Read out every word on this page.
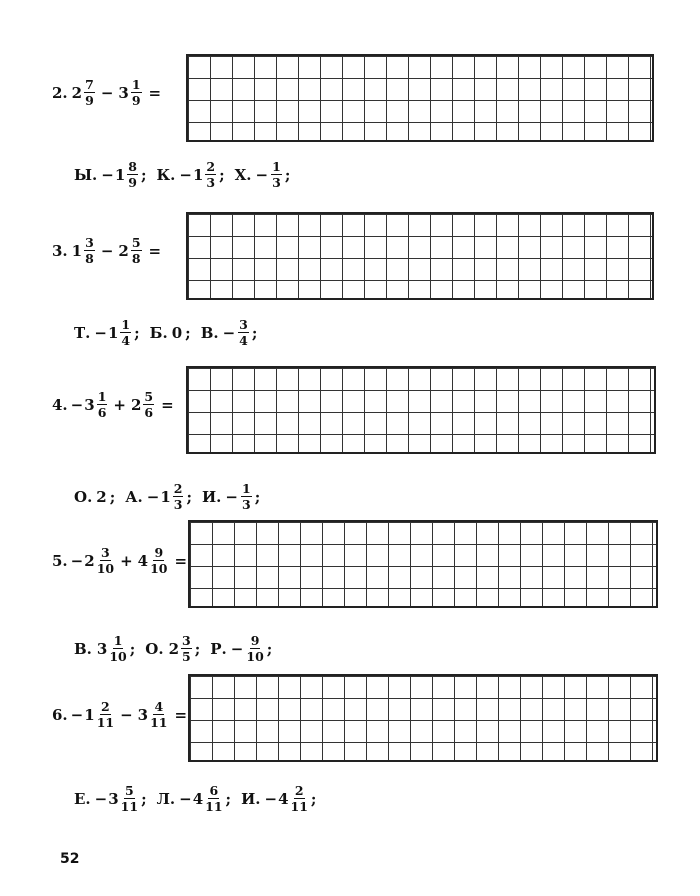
2. $2 \frac{7}{9} - 3 \frac{1}{9}$ =
Ы. − $1 \frac{8}{9}$ ; К. − $1 \frac{2}{3}$ ; Х. − $\frac{1}{3}$ ;
3. $1 \frac{3}{8} - 2 \frac{5}{8}$ =
Т. − $1 \frac{1}{4}$ ; Б. 0 ; В. − $\frac{3}{4}$ ;
4. − $3 \frac{1}{6} + 2 \frac{5}{6}$ =
О. 2 ; А. − $1 \frac{2}{3}$ ; И. − $\frac{1}{3}$ ;
5. − $2 \frac{3}{10} + 4 \frac{9}{10}$ =
В. $3 \frac{1}{10}$ ; О. $2 \frac{3}{5}$ ; Р. − $\frac{9}{10}$ ;
6. − $1 \frac{2}{11} - 3 \frac{4}{11}$ =
Е. − $3 \frac{5}{11}$ ; Л. − $4 \frac{6}{11}$ ; И. − $4 \frac{2}{11}$ ;
52
